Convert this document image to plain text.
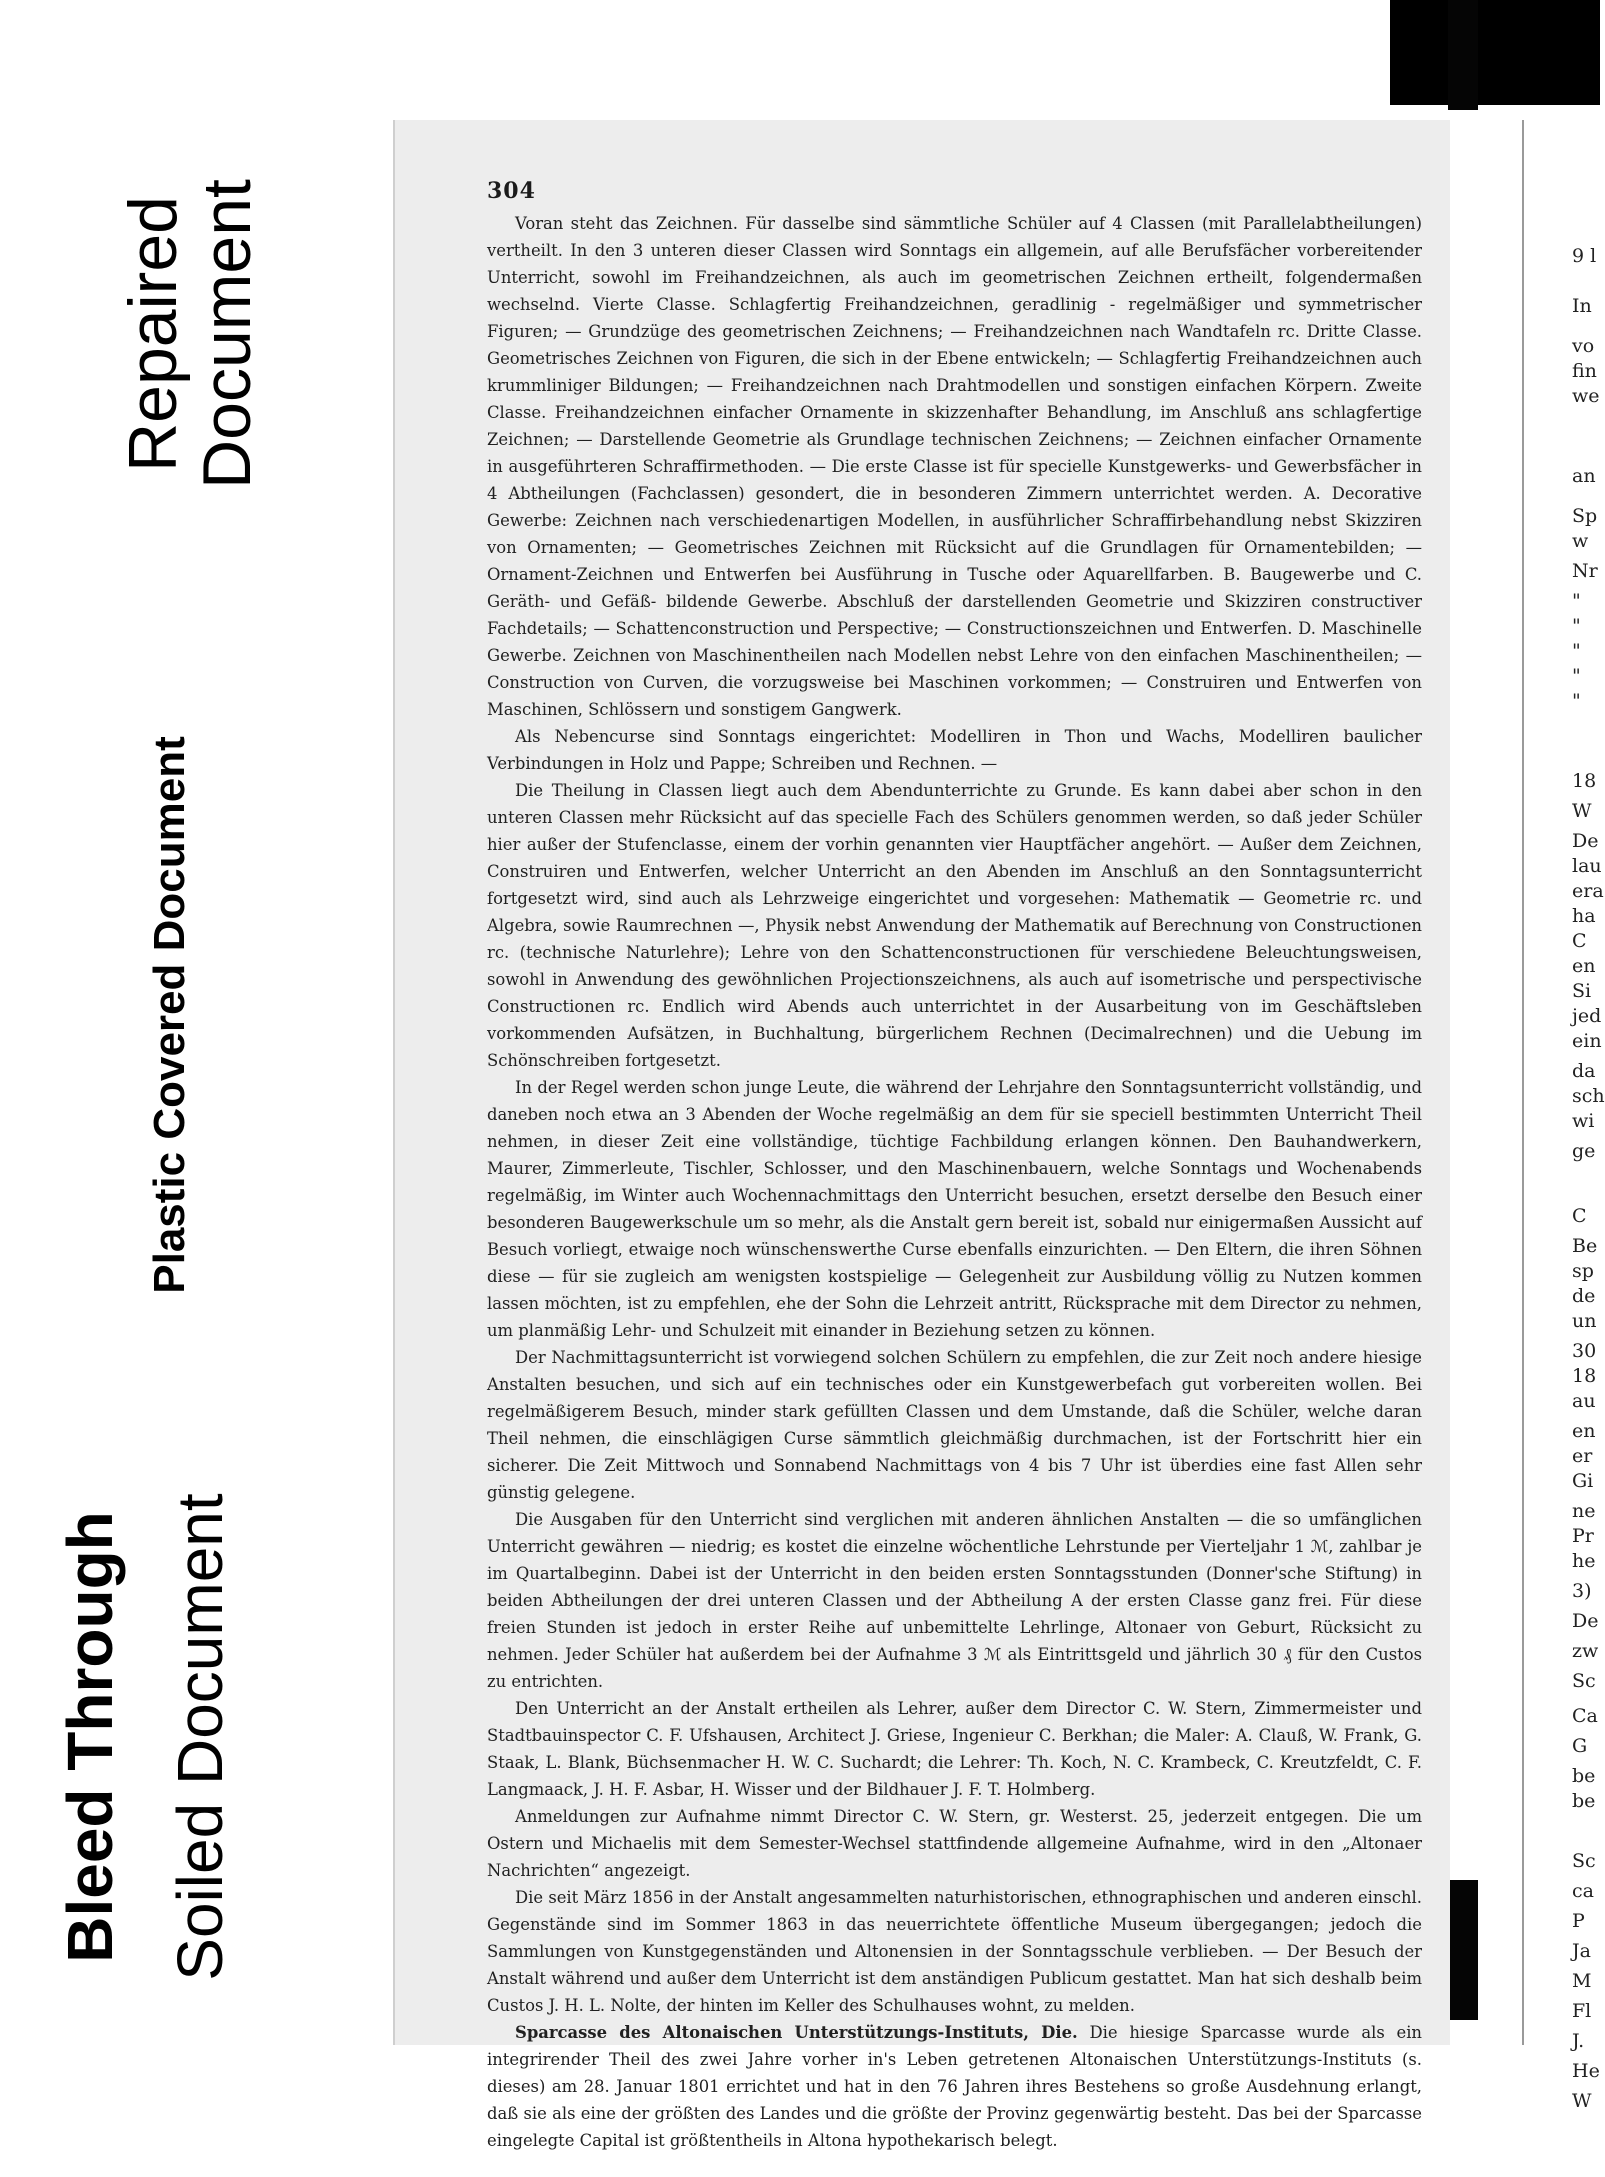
Repaired
Document
Plastic Covered Document
Bleed Through Soiled Document
304

Voran steht das Zeichnen. Für dasselbe sind sämmtliche Schüler auf 4 Classen (mit Parallelabtheilungen) vertheilt. In den 3 unteren dieser Classen wird Sonntags ein allgemein, auf alle Berufsfächer vorbereitender Unterricht, sowohl im Freihandzeichnen, als auch im geometrischen Zeichnen ertheilt, folgendermaßen wechselnd. Vierte Classe. Schlagfertig Freihandzeichnen, geradlinig - regelmäßiger und symmetrischer Figuren; — Grundzüge des geometrischen Zeichnens; — Freihandzeichnen nach Wandtafeln rc. Dritte Classe. Geometrisches Zeichnen von Figuren, die sich in der Ebene entwickeln; — Schlagfertig Freihandzeichnen auch krummliniger Bildungen; — Freihandzeichnen nach Drahtmodellen und sonstigen einfachen Körpern. Zweite Classe. Freihandzeichnen einfacher Ornamente in skizzenhafter Behandlung, im Anschluß ans schlagfertige Zeichnen; — Darstellende Geometrie als Grundlage technischen Zeichnens; — Zeichnen einfacher Ornamente in ausgeführteren Schraffirmethoden. — Die erste Classe ist für specielle Kunstgewerks- und Gewerbsfächer in 4 Abtheilungen (Fachclassen) gesondert, die in besonderen Zimmern unterrichtet werden. A. Decorative Gewerbe: Zeichnen nach verschiedenartigen Modellen, in ausführlicher Schraffirbehandlung nebst Skizziren von Ornamenten; — Geometrisches Zeichnen mit Rücksicht auf die Grundlagen für Ornamentebilden; — Ornament-Zeichnen und Entwerfen bei Ausführung in Tusche oder Aquarellfarben. B. Baugewerbe und C. Geräth- und Gefäß- bildende Gewerbe. Abschluß der darstellenden Geometrie und Skizziren constructiver Fachdetails; — Schattenconstruction und Perspective; — Constructionszeichnen und Entwerfen. D. Maschinelle Gewerbe. Zeichnen von Maschinentheilen nach Modellen nebst Lehre von den einfachen Maschinentheilen; — Construction von Curven, die vorzugsweise bei Maschinen vorkommen; — Construiren und Entwerfen von Maschinen, Schlössern und sonstigem Gangwerk.

Als Nebencurse sind Sonntags eingerichtet: Modelliren in Thon und Wachs, Modelliren baulicher Verbindungen in Holz und Pappe; Schreiben und Rechnen. —

Die Theilung in Classen liegt auch dem Abendunterrichte zu Grunde. Es kann dabei aber schon in den unteren Classen mehr Rücksicht auf das specielle Fach des Schülers genommen werden, so daß jeder Schüler hier außer der Stufenclasse, einem der vorhin genannten vier Hauptfächer angehört. — Außer dem Zeichnen, Construiren und Entwerfen, welcher Unterricht an den Abenden im Anschluß an den Sonntagsunterricht fortgesetzt wird, sind auch als Lehrzweige eingerichtet und vorgesehen: Mathematik — Geometrie rc. und Algebra, sowie Raumrechnen —, Physik nebst Anwendung der Mathematik auf Berechnung von Constructionen rc. (technische Naturlehre); Lehre von den Schattenconstructionen für verschiedene Beleuchtungsweisen, sowohl in Anwendung des gewöhnlichen Projectionszeichnens, als auch auf isometrische und perspectivische Constructionen rc. Endlich wird Abends auch unterrichtet in der Ausarbeitung von im Geschäftsleben vorkommenden Aufsätzen, in Buchhaltung, bürgerlichem Rechnen (Decimalrechnen) und die Uebung im Schönschreiben fortgesetzt.

In der Regel werden schon junge Leute, die während der Lehrjahre den Sonntagsunterricht vollständig, und daneben noch etwa an 3 Abenden der Woche regelmäßig an dem für sie speciell bestimmten Unterricht Theil nehmen, in dieser Zeit eine vollständige, tüchtige Fachbildung erlangen können. Den Bauhandwerkern, Maurer, Zimmerleute, Tischler, Schlosser, und den Maschinenbauern, welche Sonntags und Wochenabends regelmäßig, im Winter auch Wochennachmittags den Unterricht besuchen, ersetzt derselbe den Besuch einer besonderen Baugewerkschule um so mehr, als die Anstalt gern bereit ist, sobald nur einigermaßen Aussicht auf Besuch vorliegt, etwaige noch wünschenswerthe Curse ebenfalls einzurichten. — Den Eltern, die ihren Söhnen diese — für sie zugleich am wenigsten kostspielige — Gelegenheit zur Ausbildung völlig zu Nutzen kommen lassen möchten, ist zu empfehlen, ehe der Sohn die Lehrzeit antritt, Rücksprache mit dem Director zu nehmen, um planmäßig Lehr- und Schulzeit mit einander in Beziehung setzen zu können.

Der Nachmittagsunterricht ist vorwiegend solchen Schülern zu empfehlen, die zur Zeit noch andere hiesige Anstalten besuchen, und sich auf ein technisches oder ein Kunstgewerbefach gut vorbereiten wollen. Bei regelmäßigerem Besuch, minder stark gefüllten Classen und dem Umstande, daß die Schüler, welche daran Theil nehmen, die einschlägigen Curse sämmtlich gleichmäßig durchmachen, ist der Fortschritt hier ein sicherer. Die Zeit Mittwoch und Sonnabend Nachmittags von 4 bis 7 Uhr ist überdies eine fast Allen sehr günstig gelegene.

Die Ausgaben für den Unterricht sind verglichen mit anderen ähnlichen Anstalten — die so umfänglichen Unterricht gewähren — niedrig; es kostet die einzelne wöchentliche Lehrstunde per Vierteljahr 1 ℳ, zahlbar je im Quartalbeginn. Dabei ist der Unterricht in den beiden ersten Sonntagsstunden (Donner'sche Stiftung) in beiden Abtheilungen der drei unteren Classen und der Abtheilung A der ersten Classe ganz frei. Für diese freien Stunden ist jedoch in erster Reihe auf unbemittelte Lehrlinge, Altonaer von Geburt, Rücksicht zu nehmen. Jeder Schüler hat außerdem bei der Aufnahme 3 ℳ als Eintrittsgeld und jährlich 30 ₰ für den Custos zu entrichten.

Den Unterricht an der Anstalt ertheilen als Lehrer, außer dem Director C. W. Stern, Zimmermeister und Stadtbauinspector C. F. Ufshausen, Architect J. Griese, Ingenieur C. Berkhan; die Maler: A. Clauß, W. Frank, G. Staak, L. Blank, Büchsenmacher H. W. C. Suchardt; die Lehrer: Th. Koch, N. C. Krambeck, C. Kreutzfeldt, C. F. Langmaack, J. H. F. Asbar, H. Wisser und der Bildhauer J. F. T. Holmberg.

Anmeldungen zur Aufnahme nimmt Director C. W. Stern, gr. Westerst. 25, jederzeit entgegen. Die um Ostern und Michaelis mit dem Semester-Wechsel stattfindende allgemeine Aufnahme, wird in den „Altonaer Nachrichten“ angezeigt.

Die seit März 1856 in der Anstalt angesammelten naturhistorischen, ethnographischen und anderen einschl. Gegenstände sind im Sommer 1863 in das neuerrichtete öffentliche Museum übergegangen; jedoch die Sammlungen von Kunstgegenständen und Altonensien in der Sonntagsschule verblieben. — Der Besuch der Anstalt während und außer dem Unterricht ist dem anständigen Publicum gestattet. Man hat sich deshalb beim Custos J. H. L. Nolte, der hinten im Keller des Schulhauses wohnt, zu melden.

Sparcasse des Altonaischen Unterstützungs-Instituts, Die. Die hiesige Sparcasse wurde als ein integrirender Theil des zwei Jahre vorher in's Leben getretenen Altonaischen Unterstützungs-Instituts (s. dieses) am 28. Januar 1801 errichtet und hat in den 76 Jahren ihres Bestehens so große Ausdehnung erlangt, daß sie als eine der größten des Landes und die größte der Provinz gegenwärtig besteht. Das bei der Sparcasse eingelegte Capital ist größtentheils in Altona hypothekarisch belegt.

9 l
In
vo
fin
we
an
Sp
w
Nr
"
"
"
"
"
18
W
De
lau
era
ha
C
en
Si
jed
ein
da
sch
wi
ge
C
Be
sp
de
un
30
18
au
en
er
Gi
ne
Pr
he
3)
De
zw
Sc
Ca
G
be
be
Sc
ca
P
Ja
M
Fl
J.
He
W
